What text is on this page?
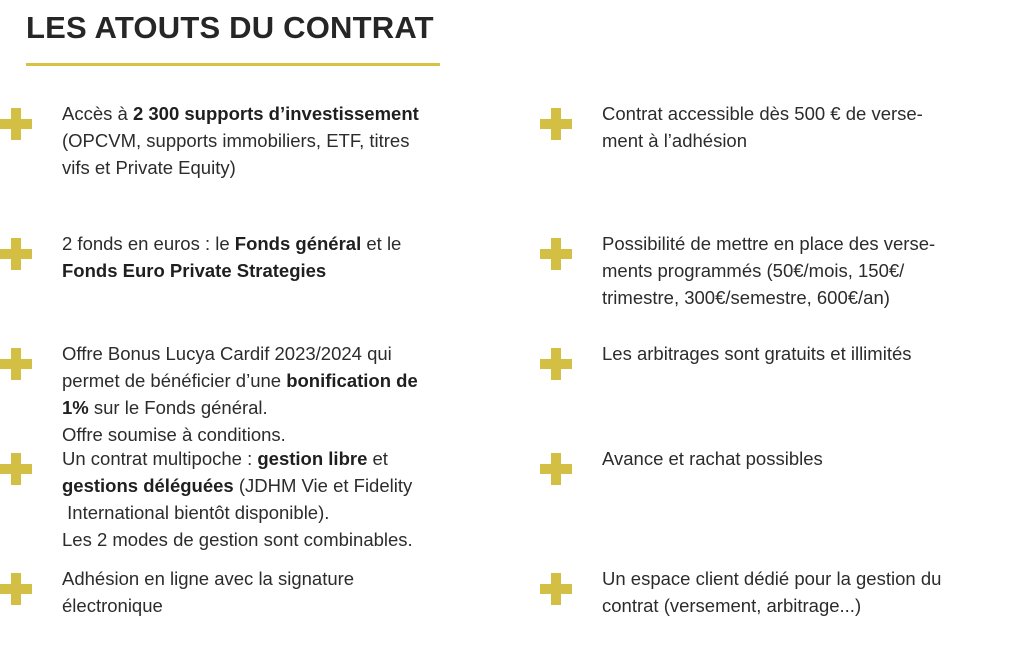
LES ATOUTS DU CONTRAT
Accès à 2 300 supports d’investissement
(OPCVM, supports immobiliers, ETF, titres
vifs et Private Equity)
2 fonds en euros : le Fonds général et le
Fonds Euro Private Strategies
Offre Bonus Lucya Cardif 2023/2024 qui
permet de bénéficier d’une bonification de
1% sur le Fonds général.
Offre soumise à conditions.
Un contrat multipoche : gestion libre et
gestions déléguées (JDHM Vie et Fidelity
International bientôt disponible).
Les 2 modes de gestion sont combinables.
Adhésion en ligne avec la signature
électronique
Contrat accessible dès 500 € de verse-
ment à l’adhésion
Possibilité de mettre en place des verse-
ments programmés (50€/mois, 150€/
trimestre, 300€/semestre, 600€/an)
Les arbitrages sont gratuits et illimités
Avance et rachat possibles
Un espace client dédié pour la gestion du
contrat (versement, arbitrage...)
